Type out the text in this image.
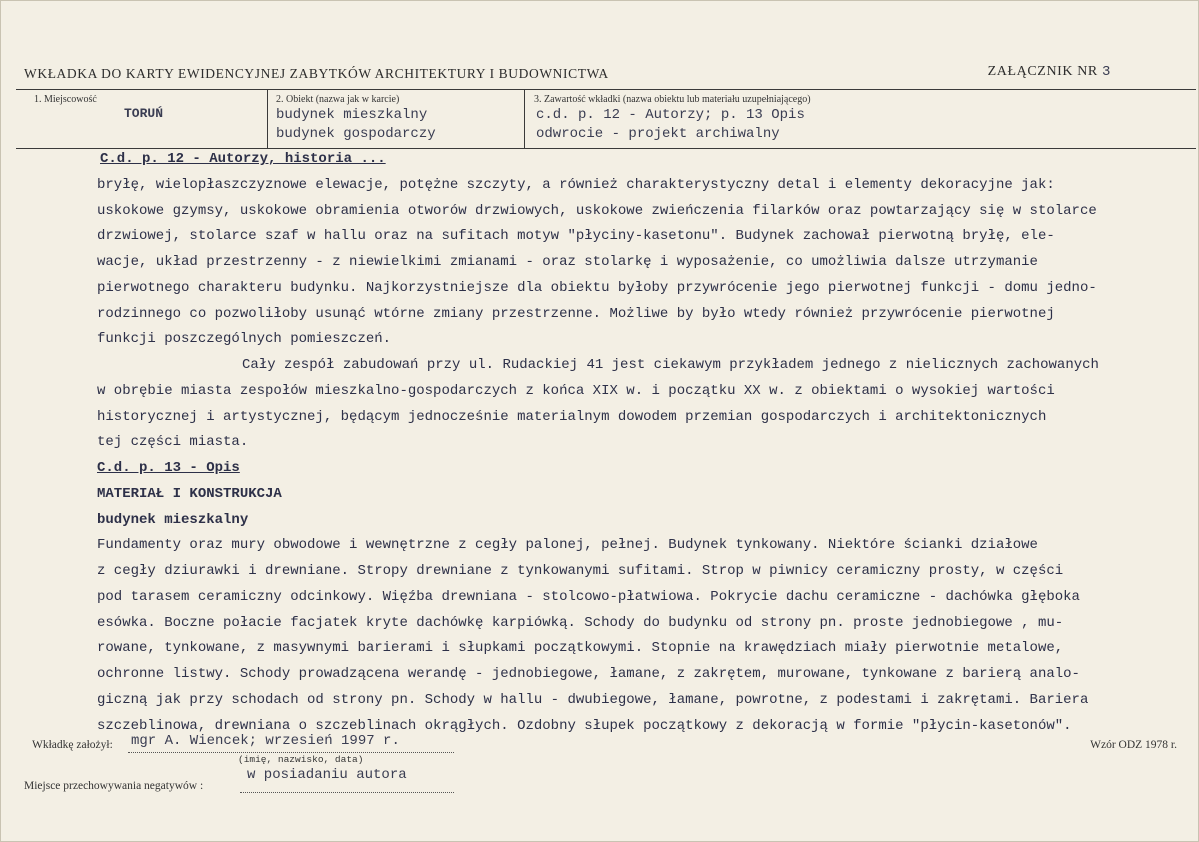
WKŁADKA DO KARTY EWIDENCYJNEJ ZABYTKÓW ARCHITEKTURY I BUDOWNICTWA	ZAŁĄCZNIK NR 3
1. Miejscowość
TORUŃ
2. Obiekt (nazwa jak w karcie)
budynek mieszkalny
budynek gospodarczy
3. Zawartość wkładki (nazwa obiektu lub materiału uzupełniającego)
c.d. p. 12 - Autorzy; p. 13 Opis
odwrocie - projekt archiwalny
C.d. p. 12 - Autorzy, historia ...
bryłę, wielopłaszczyznowe elewacje, potężne szczyty, a również charakterystyczny detal i elementy dekoracyjne jak:
uskokowe gzymsy, uskokowe obramienia otworów drzwiowych, uskokowe zwieńczenia filarków oraz powtarzający się w stolarce
drzwiowej, stolarce szaf w hallu oraz na sufitach motyw "płyciny-kasetonu". Budynek zachował pierwotną bryłę, ele-
wacje, układ przestrzenny - z niewielkimi zmianami - oraz stolarkę i wyposażenie, co umożliwia dalsze utrzymanie
pierwotnego charakteru budynku. Najkorzystniejsze dla obiektu byłoby przywrócenie jego pierwotnej funkcji - domu jedno-
rodzinnego co pozwoliłoby usunąć wtórne zmiany przestrzenne. Możliwe by było wtedy również przywrócenie pierwotnej
funkcji poszczególnych pomieszczeń.
Cały zespół zabudowań przy ul. Rudackiej 41 jest ciekawym przykładem jednego z nielicznych zachowanych
w obrębie miasta zespołów mieszkalno-gospodarczych z końca XIX w. i początku XX w. z obiektami o wysokiej wartości
historycznej i artystycznej, będącym jednocześnie materialnym dowodem przemian gospodarczych i architektonicznych
tej części miasta.
C.d. p. 13 - Opis
MATERIAŁ I KONSTRUKCJA
budynek mieszkalny
Fundamenty oraz mury obwodowe i wewnętrzne z cegły palonej, pełnej. Budynek tynkowany. Niektóre ścianki działowe
z cegły dziurawki i drewniane. Stropy drewniane z tynkowanymi sufitami. Strop w piwnicy ceramiczny prosty, w części
pod tarasem ceramiczny odcinkowy. Więźba drewniana - stolcowo-płatwiowa. Pokrycie dachu ceramiczne - dachówka głęboka
esówka. Boczne połacie facjatek kryte dachówkę karpiówką. Schody do budynku od strony pn. proste jednobiegowe , mu-
rowane, tynkowane, z masywnymi barierami i słupkami początkowymi. Stopnie na krawędziach miały pierwotnie metalowe,
ochronne listwy. Schody prowadzącena werandę - jednobiegowe, łamane, z zakrętem, murowane, tynkowane z barierą analo-
giczną jak przy schodach od strony pn. Schody w hallu - dwubiegowe, łamane, powrotne, z podestami i zakrętami. Bariera
szczeblinowa, drewniana o szczeblinach okrągłych. Ozdobny słupek początkowy z dekoracją w formie "płycin-kasetonów".
Wkładkę założył: mgr A. Wiencek; wrzesień 1997 r.
(imię, nazwisko, data)
Wzór ODZ 1978 r.
w posiadaniu autora
Miejsce przechowywania negatywów :
